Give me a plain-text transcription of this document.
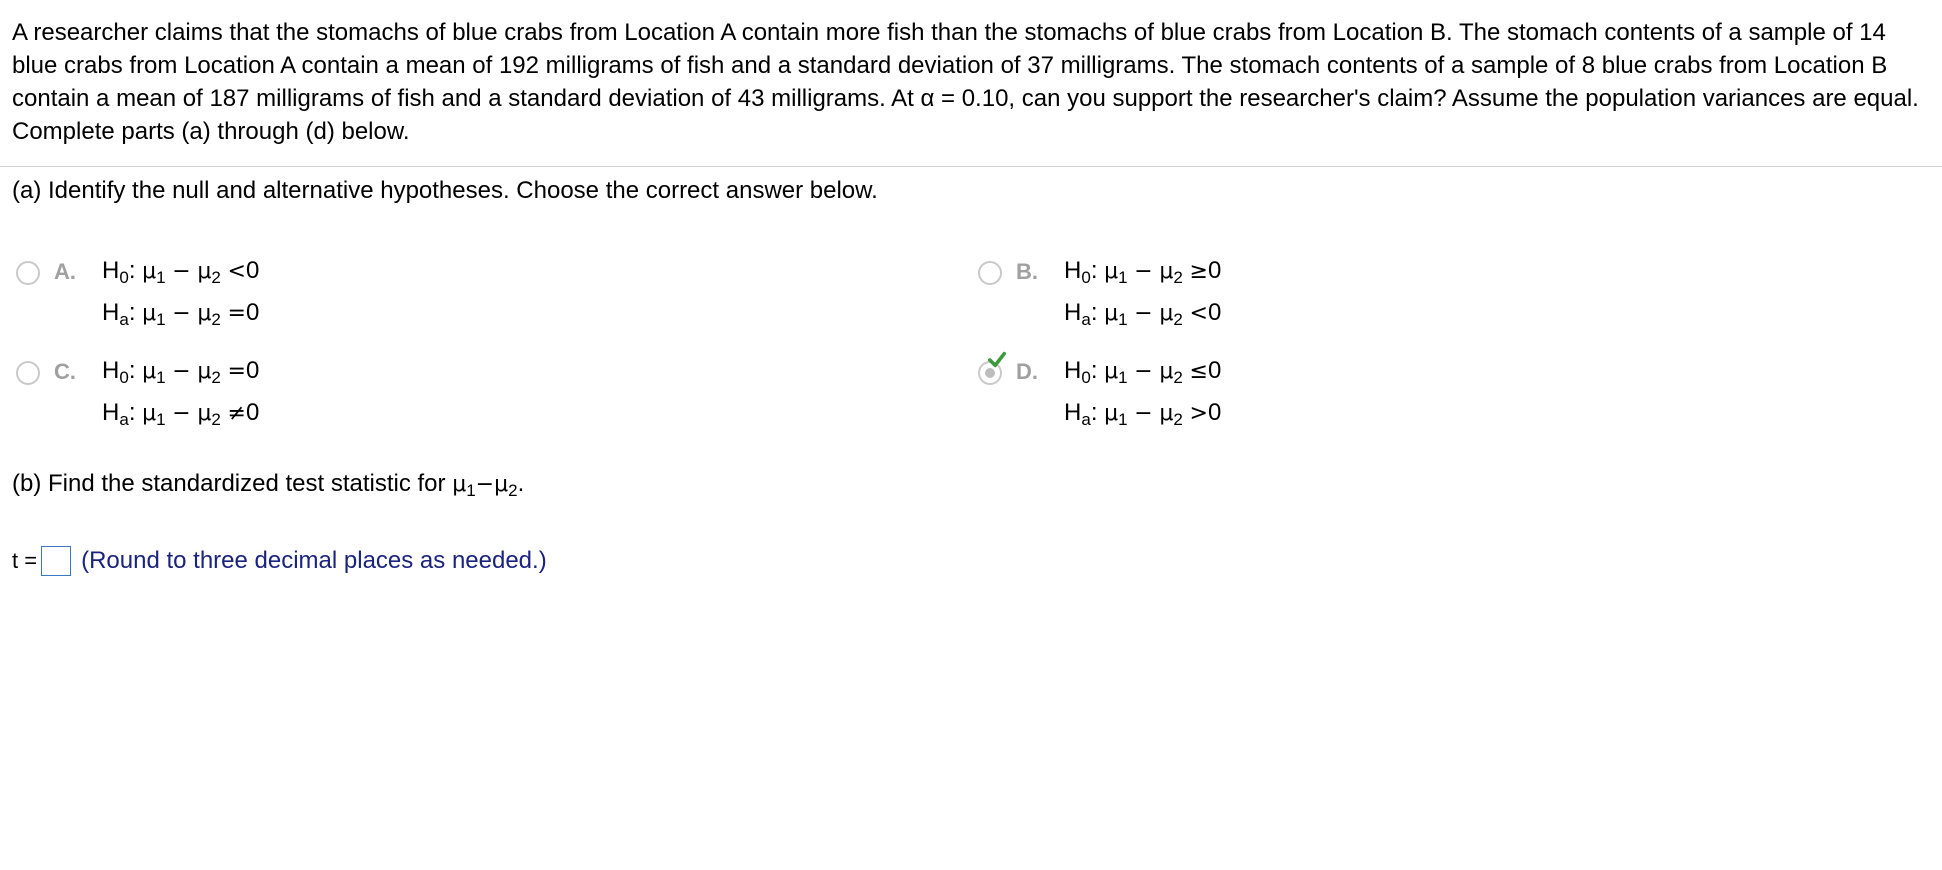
A researcher claims that the stomachs of blue crabs from Location A contain more fish than the stomachs of blue crabs from Location B. The stomach contents of a sample of 14 blue crabs from Location A contain a mean of 192 milligrams of fish and a standard deviation of 37 milligrams. The stomach contents of a sample of 8 blue crabs from Location B contain a mean of 187 milligrams of fish and a standard deviation of 43 milligrams. At α = 0.10, can you support the researcher's claim? Assume the population variances are equal. Complete parts (a) through (d) below.
(a) Identify the null and alternative hypotheses. Choose the correct answer below.
A. $H_0$: $\mu_1 - \mu_2 <0$
$H_a$: $\mu_1 - \mu_2 =0$
B. $H_0$: $\mu_1 - \mu_2 \ge 0$
$H_a$: $\mu_1 - \mu_2 <0$
C. $H_0$: $\mu_1 - \mu_2 =0$
$H_a$: $\mu_1 - \mu_2 \ne 0$
D. $H_0$: $\mu_1 - \mu_2 \le 0$
$H_a$: $\mu_1 - \mu_2 >0$
(b) Find the standardized test statistic for $\mu_1-\mu_2$.
t = (Round to three decimal places as needed.)
